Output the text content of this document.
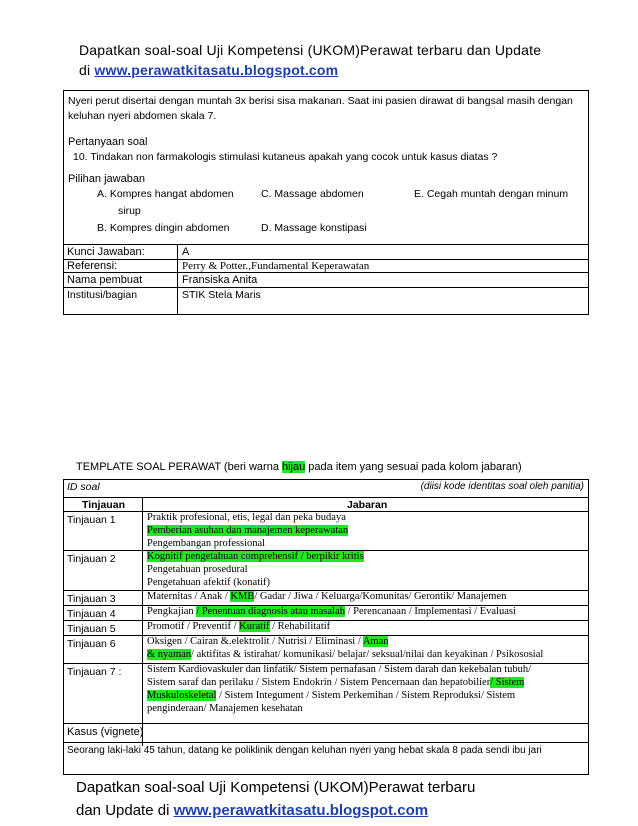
Dapatkan soal-soal Uji Kompetensi (UKOM)Perawat terbaru dan Update
di www.perawatkitasatu.blogspot.com
Nyeri perut disertai dengan muntah 3x berisi sisa makanan. Saat ini pasien dirawat di bangsal masih dengan keluhan nyeri abdomen skala 7.
Pertanyaan soal
10. Tindakan non farmakologis stimulasi kutaneus apakah yang cocok untuk kasus diatas ?
Pilihan jawaban
A. Kompres hangat abdomen
sirup
B. Kompres dingin abdomen
C. Massage abdomen
D. Massage konstipasi
E. Cegah muntah dengan minum
Kunci Jawaban:	A
Referensi:	Perry & Potter.,Fundamental Keperawatan
Nama pembuat	Fransiska Anita
Institusi/bagian	STIK Stela Maris
TEMPLATE SOAL PERAWAT (beri warna hijau pada item yang sesuai pada kolom jabaran)
ID soal	(diisi kode identitas soal oleh panitia)
Tinjauan	Jabaran
Tinjauan 1	Praktik profesional, etis, legal dan peka budaya
Pemberian asuhan dan manajemen keperawatan
Pengembangan professional
Tinjauan 2	Kognitif pengetahuan comprehensif / berpikir kritis
Pengetahuan prosedural
Pengetahuan afektif (konatif)
Tinjauan 3	Maternitas / Anak / KMB/ Gadar / Jiwa / Keluarga/Komunitas/ Gerontik/ Manajemen
Tinjauan 4	Pengkajian / Penentuan diagnosis atau masalah / Perencanaan / Implementasi / Evaluasi
Tinjauan 5	Promotif / Preventif / Kuratif / Rehabilitatif
Tinjauan 6	Oksigen / Cairan &.elektrolit / Nutrisi / Eliminasi / Aman
& nyaman/ aktifitas & istirahat/ komunikasi/ belajar/ seksual/nilai dan keyakinan / Psikososial
Tinjauan 7 : Sistem Kardiovaskuler dan linfatik/ Sistem pernafasan / Sistem darah dan kekebalan tubuh/
Sistem saraf dan perilaku / Sistem Endokrin / Sistem Pencernaan dan hepatobilier/ Sistem
Muskuloskeletal / Sistem Integument / Sistem Perkemihan / Sistem Reproduksi/ Sistem
penginderaan/ Manajemen kesehatan
Kasus (vignete)
Seorang laki-laki 45 tahun, datang ke poliklinik dengan keluhan nyeri yang hebat skala 8 pada sendi ibu jari
Dapatkan soal-soal Uji Kompetensi (UKOM)Perawat terbaru
dan Update di www.perawatkitasatu.blogspot.com
